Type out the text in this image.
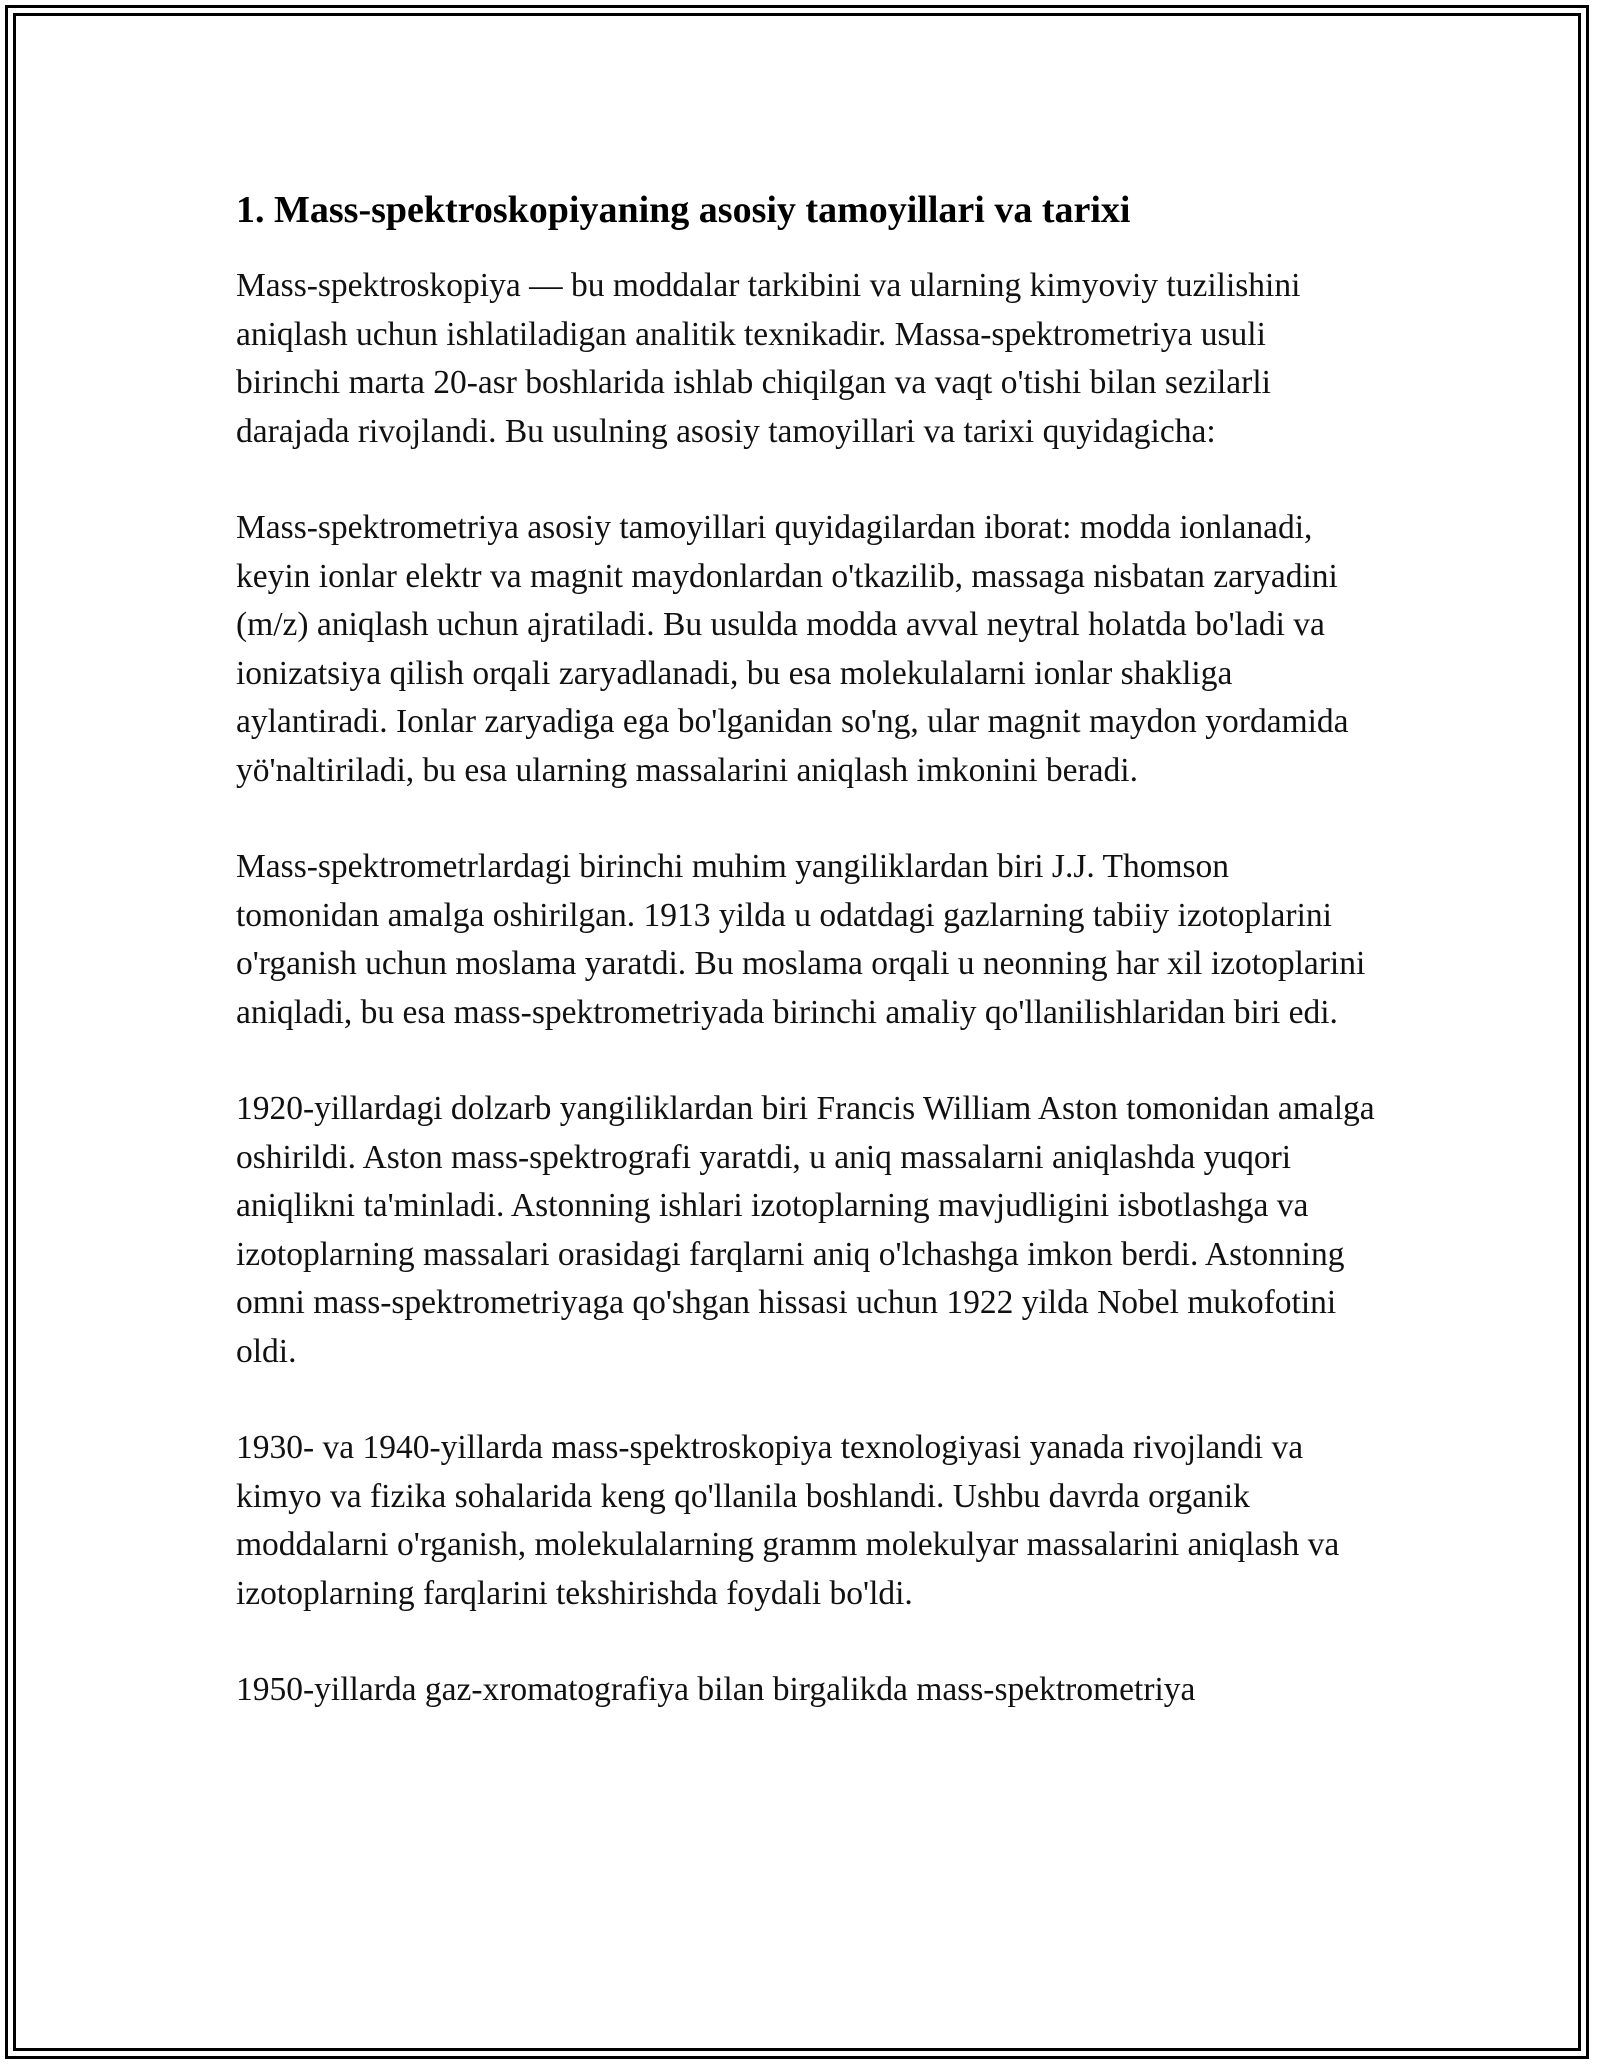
1. Mass-spektroskopiyaning asosiy tamoyillari va tarixi

Mass-spektroskopiya — bu moddalar tarkibini va ularning kimyoviy tuzilishini aniqlash uchun ishlatiladigan analitik texnikadir. Massa-spektrometriya usuli birinchi marta 20-asr boshlarida ishlab chiqilgan va vaqt o'tishi bilan sezilarli darajada rivojlandi. Bu usulning asosiy tamoyillari va tarixi quyidagicha:

Mass-spektrometriya asosiy tamoyillari quyidagilardan iborat: modda ionlanadi, keyin ionlar elektr va magnit maydonlardan o'tkazilib, massaga nisbatan zaryadini (m/z) aniqlash uchun ajratiladi. Bu usulda modda avval neytral holatda bo'ladi va ionizatsiya qilish orqali zaryadlanadi, bu esa molekulalarni ionlar shakliga aylantiradi. Ionlar zaryadiga ega bo'lganidan so'ng, ular magnit maydon yordamida yö'naltiriladi, bu esa ularning massalarini aniqlash imkonini beradi.

Mass-spektrometrlardagi birinchi muhim yangiliklardan biri J.J. Thomson tomonidan amalga oshirilgan. 1913 yilda u odatdagi gazlarning tabiiy izotoplarini o'rganish uchun moslama yaratdi. Bu moslama orqali u neonning har xil izotoplarini aniqladi, bu esa mass-spektrometriyada birinchi amaliy qo'llanilishlaridan biri edi.

1920-yillardagi dolzarb yangiliklardan biri Francis William Aston tomonidan amalga oshirildi. Aston mass-spektrografi yaratdi, u aniq massalarni aniqlashda yuqori aniqlikni ta'minladi. Astonning ishlari izotoplarning mavjudligini isbotlashga va izotoplarning massalari orasidagi farqlarni aniq o'lchashga imkon berdi. Astonning omni mass-spektrometriyaga qo'shgan hissasi uchun 1922 yilda Nobel mukofotini oldi.

1930- va 1940-yillarda mass-spektroskopiya texnologiyasi yanada rivojlandi va kimyo va fizika sohalarida keng qo'llanila boshlandi. Ushbu davrda organik moddalarni o'rganish, molekulalarning gramm molekulyar massalarini aniqlash va izotoplarning farqlarini tekshirishda foydali bo'ldi.

1950-yillarda gaz-xromatografiya bilan birgalikda mass-spektrometriya
